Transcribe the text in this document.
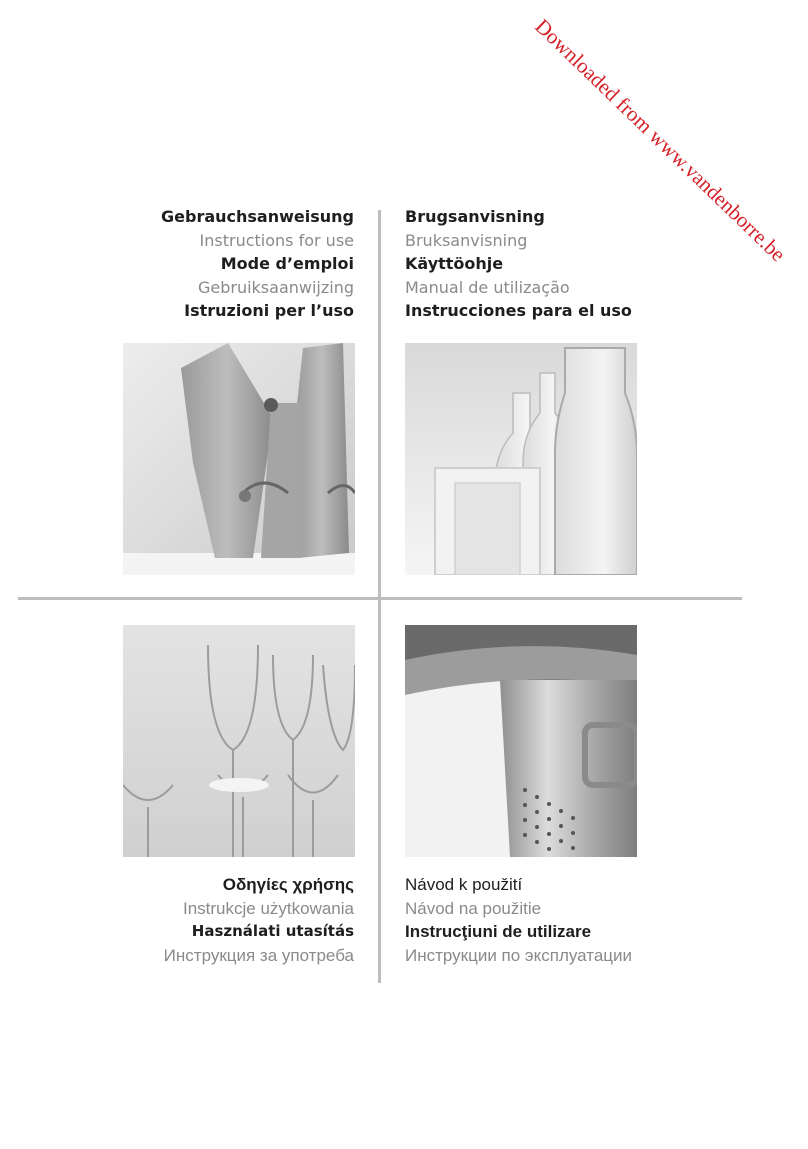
Downloaded from www.vandenborre.be
Gebrauchsanweisung
Instructions for use
Mode d’emploi
Gebruiksaanwijzing
Istruzioni per l’uso
Brugsanvisning
Bruksanvisning
Käyttöohje
Manual de utilização
Instrucciones para el uso
Οδηγίες χρήσης
Instrukcje użytkowania
Használati utasítás
Инструкция за употреба
Návod k použití
Návod na použitie
Instrucţiuni de utilizare
Инструкции по эксплуатации
